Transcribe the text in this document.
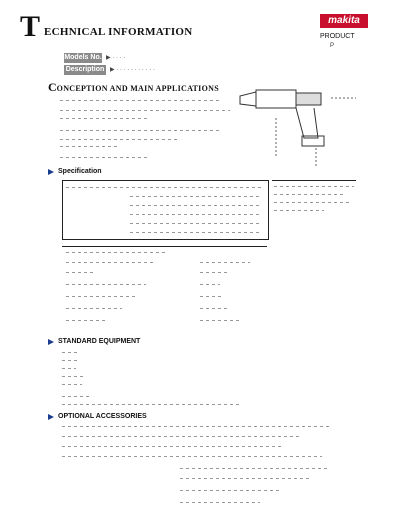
T ECHNICAL INFORMATION
makita
PRODUCT
P
Models No. ▶ · · · ·
Description ▶ · · · · · · · · · · ·
CONCEPTION AND MAIN APPLICATIONS
Specification
STANDARD EQUIPMENT
OPTIONAL ACCESSORIES
